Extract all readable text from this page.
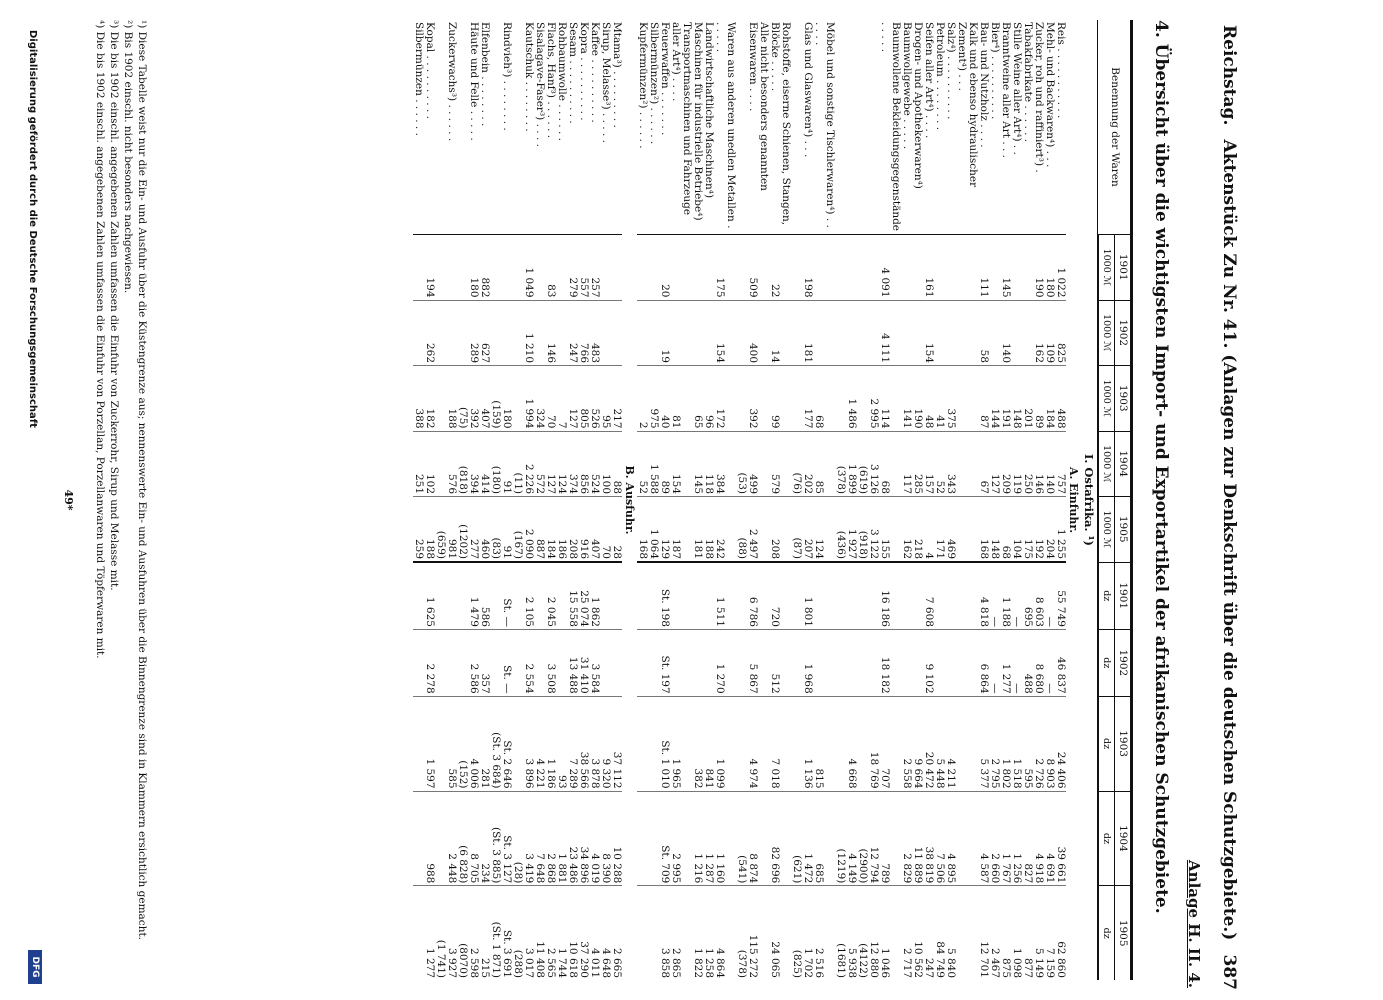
Reichstag.
Aktenstück Zu Nr. 41. (Anlagen zur Denkschrift über die deutschen Schutzgebiete.)
387
Anlage H. II. 4.
4. Übersicht über die wichtigsten Import- und Exportartikel der afrikanischen Schutzgebiete.
Benennung der Waren	1901	1902	1903	1904	1905	1901	1902	1903	1904	1905
	1000 ℳ	1000 ℳ	1000 ℳ	1000 ℳ	1000 ℳ	dz	dz	dz	dz	dz
I. Ostafrika. ¹)										
A. Einfuhr.										
Reis . . . . . . . . . . .	1 022	825	488	757	1 255	55 749	46 837	24 406	39 661	62 860
Mehl- und Backwaren⁴) . . .	180	109	184	140	204	—	—	8 903	4 691	7 159
Zucker, roh und raffiniert³) .	190	162	89	146	192	8 603	8 680	2 726	4 918	5 149
Tabakfabrikate . . . . . .			201	250	175	695	488	595	827	877
Stille Weine aller Art⁴) . .			148	119	104	—	—	1 518	1 256	1 098
Branntweine aller Art . . .	145	140	191	209	68	1 188	1 277	1 802	1 767	875
Bier⁴) . . . . . . . . . .			144	127	148	—	—	2 795	2 660	2 467
Bau- und Nutzholz . . . .	111	58	87	67	168	4 818	6 864	5 377	4 587	12 701
Kalk und ebenso hydraulischer Zement⁴) . . .										
Salz⁴) . . . . . . . . . .			375	343	469			4 211	4 895	5 840
Petroleum . . . . . . . .			41	52	171			5 448	7 506	84 749
Seifen aller Art⁴) . . . .	161	154	48	157	4	7 608	9 102	20 472	38 819	247
Drogen- und Apothekerwaren⁴)			190	285	218			9 664	11 889	10 562
Baumwollgewebe . . . . .			141	117	162			2 558	2 829	2 717
Baumwollene Bekleidungsgegenstände . . . . .	4 091	4 111	114	68	155	16 186	18 182	707	789	1 046
			2 995	3 126	3 122			18 769	12 794	12 880
				(619)	(918)				(2900)	(4122)
			1 486	1 899	1 927			4 668	4 149	5 938
				(378)	(436)				(1219)	(1681)
Möbel und sonstige Tischlerwaren⁴) . . . . . .			68	85	124			815	685	2 516
Glas und Glaswaren⁴) . . .	198	181	177	202	207	1 801	1 968	1 136	1 472	1 702
				(76)	(87)				(621)	(825)
Rohstoffe, eiserne Schienen, Stangen, Blöcke . . . . .	22	14	99	579	208	720	512	7 018	82 696	24 065
Alle nicht besonders genannten Eisenwaren . . . .	509	400	392	499	2 497	6 786	5 867	4 974	8 874	115 272
				(53)	(88)				(541)	(378)
Waren aus anderen unedlen Metallen . . . . . .	175	154	172	384	242	1 511	1 270	1 099	1 160	4 864
Landwirtschaftliche Maschinen⁴)			96	118	188			841	1 287	1 258
Maschinen für industrielle Betriebe⁴)			65	145	181			382	1 216	1 822
Transportmaschinen und Fahrzeuge aller Art⁴) . . . .			81	154	187			1 965	2 995	2 865
Feuerwaffen . . . . . . .	20	19	40	89	129	St. 198	St. 197	St. 1 010	St. 709	3 858
Silbermünzen²) . . . . . .			975	1 588	1 064					
Kupfermünzen²) . . . . . .			2	52	168					
B. Ausfuhr.										
Mtama³) . . . . . . . . .			217	88	28			37 112	10 288	2 665
Sirup, Melasse³) . . . . .			95	100	70			9 320	8 390	4 648
Kaffee . . . . . . . . . .	257	483	526	524	407	1 862	3 584	3 878	4 019	4 011
Kopra . . . . . . . . . .	557	766	805	856	916	25 074	31 410	38 566	34 896	37 290
Sesam . . . . . . . . . .	279	247	127	374	208	15 558	13 488	7 289	23 486	10 618
Rohbaumwolle . . . . . .			7	124	186			93	1 881	1 744
Flachs, Hanf³) . . . . . .	83	146	70	127	184	2 045	3 508	1 186	2 868	2 565
Sisalagave-Faser³) . . . .			324	572	887			4 221	7 648	11 408
Kautschuk . . . . . . . .	1 049	1 210	1 994	2 226	2 090	2 105	2 554	3 896	3 419	3 017
				(11)	(167)				(28)	(288)
Rindvieh³) . . . . . . . .			180	91	91	St. —	St. —	St. 2 646	St. 3 127	St. 3 691
			(159)	(180)	(83)			(St. 3 684)	(St. 3 885)	(St. 1 871)
Elfenbein . . . . . . . .	882	627	407	414	460	586	357	281	234	215
Häute und Felle . . . . .	180	289	392	394	277	1 479	2 586	4 006	8 705	2 598
			(75)	(818)	(1202)			(152)	(6 828)	(8070)
Zuckerwachs³) . . . . . .			188	576	981			585	2 448	3 927
					(659)					(1 741)
Kopal . . . . . . . . . .	194	262	182	102	188	1 625	2 278	1 597	988	1 277
Silbermünzen . . . . . .			388	251	259					

¹) Diese Tabelle weist nur die Ein- und Ausfuhr über die Küstengrenze aus; nennenswerte Ein- und Ausfuhren über die Binnengrenze sind in Klammern ersichtlich gemacht.

²) Bis 1902 einschl. nicht besonders nachgewiesen.

³) Die bis 1902 einschl. angegebenen Zahlen umfassen die Einfuhr von Zuckerrohr, Sirup und Melasse mit.

⁴) Die bis 1902 einschl. angegebenen Zahlen umfassen die Einfuhr von Porzellan, Porzellanwaren und Töpferwaren mit.

49*
Digitalisierung gefördert durch die Deutsche Forschungsgemeinschaft
DFG
